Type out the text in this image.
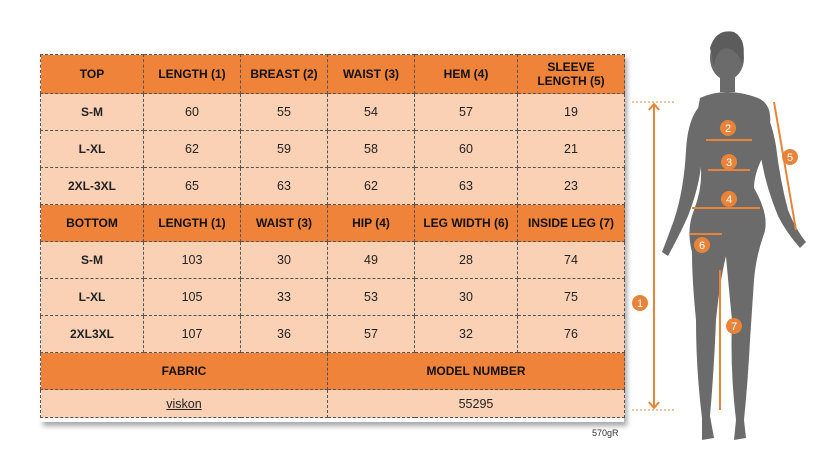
TOP	LENGTH (1)	BREAST (2)	WAIST (3)	HEM (4)	SLEEVE
LENGTH (5)

S-M	60	55	54	57	19
L-XL	62	59	58	60	21
2XL-3XL	65	63	62	63	23
BOTTOM	LENGTH (1)	WAIST (3)	HIP (4)	LEG WIDTH (6)	INSIDE LEG (7)
S-M	103	30	49	28	74
L-XL	105	33	53	30	75
2XL3XL	107	36	57	32	76
FABRIC			MODEL NUMBER		
viskon			55295		
570gR
1
2
3
4
5
6
7
